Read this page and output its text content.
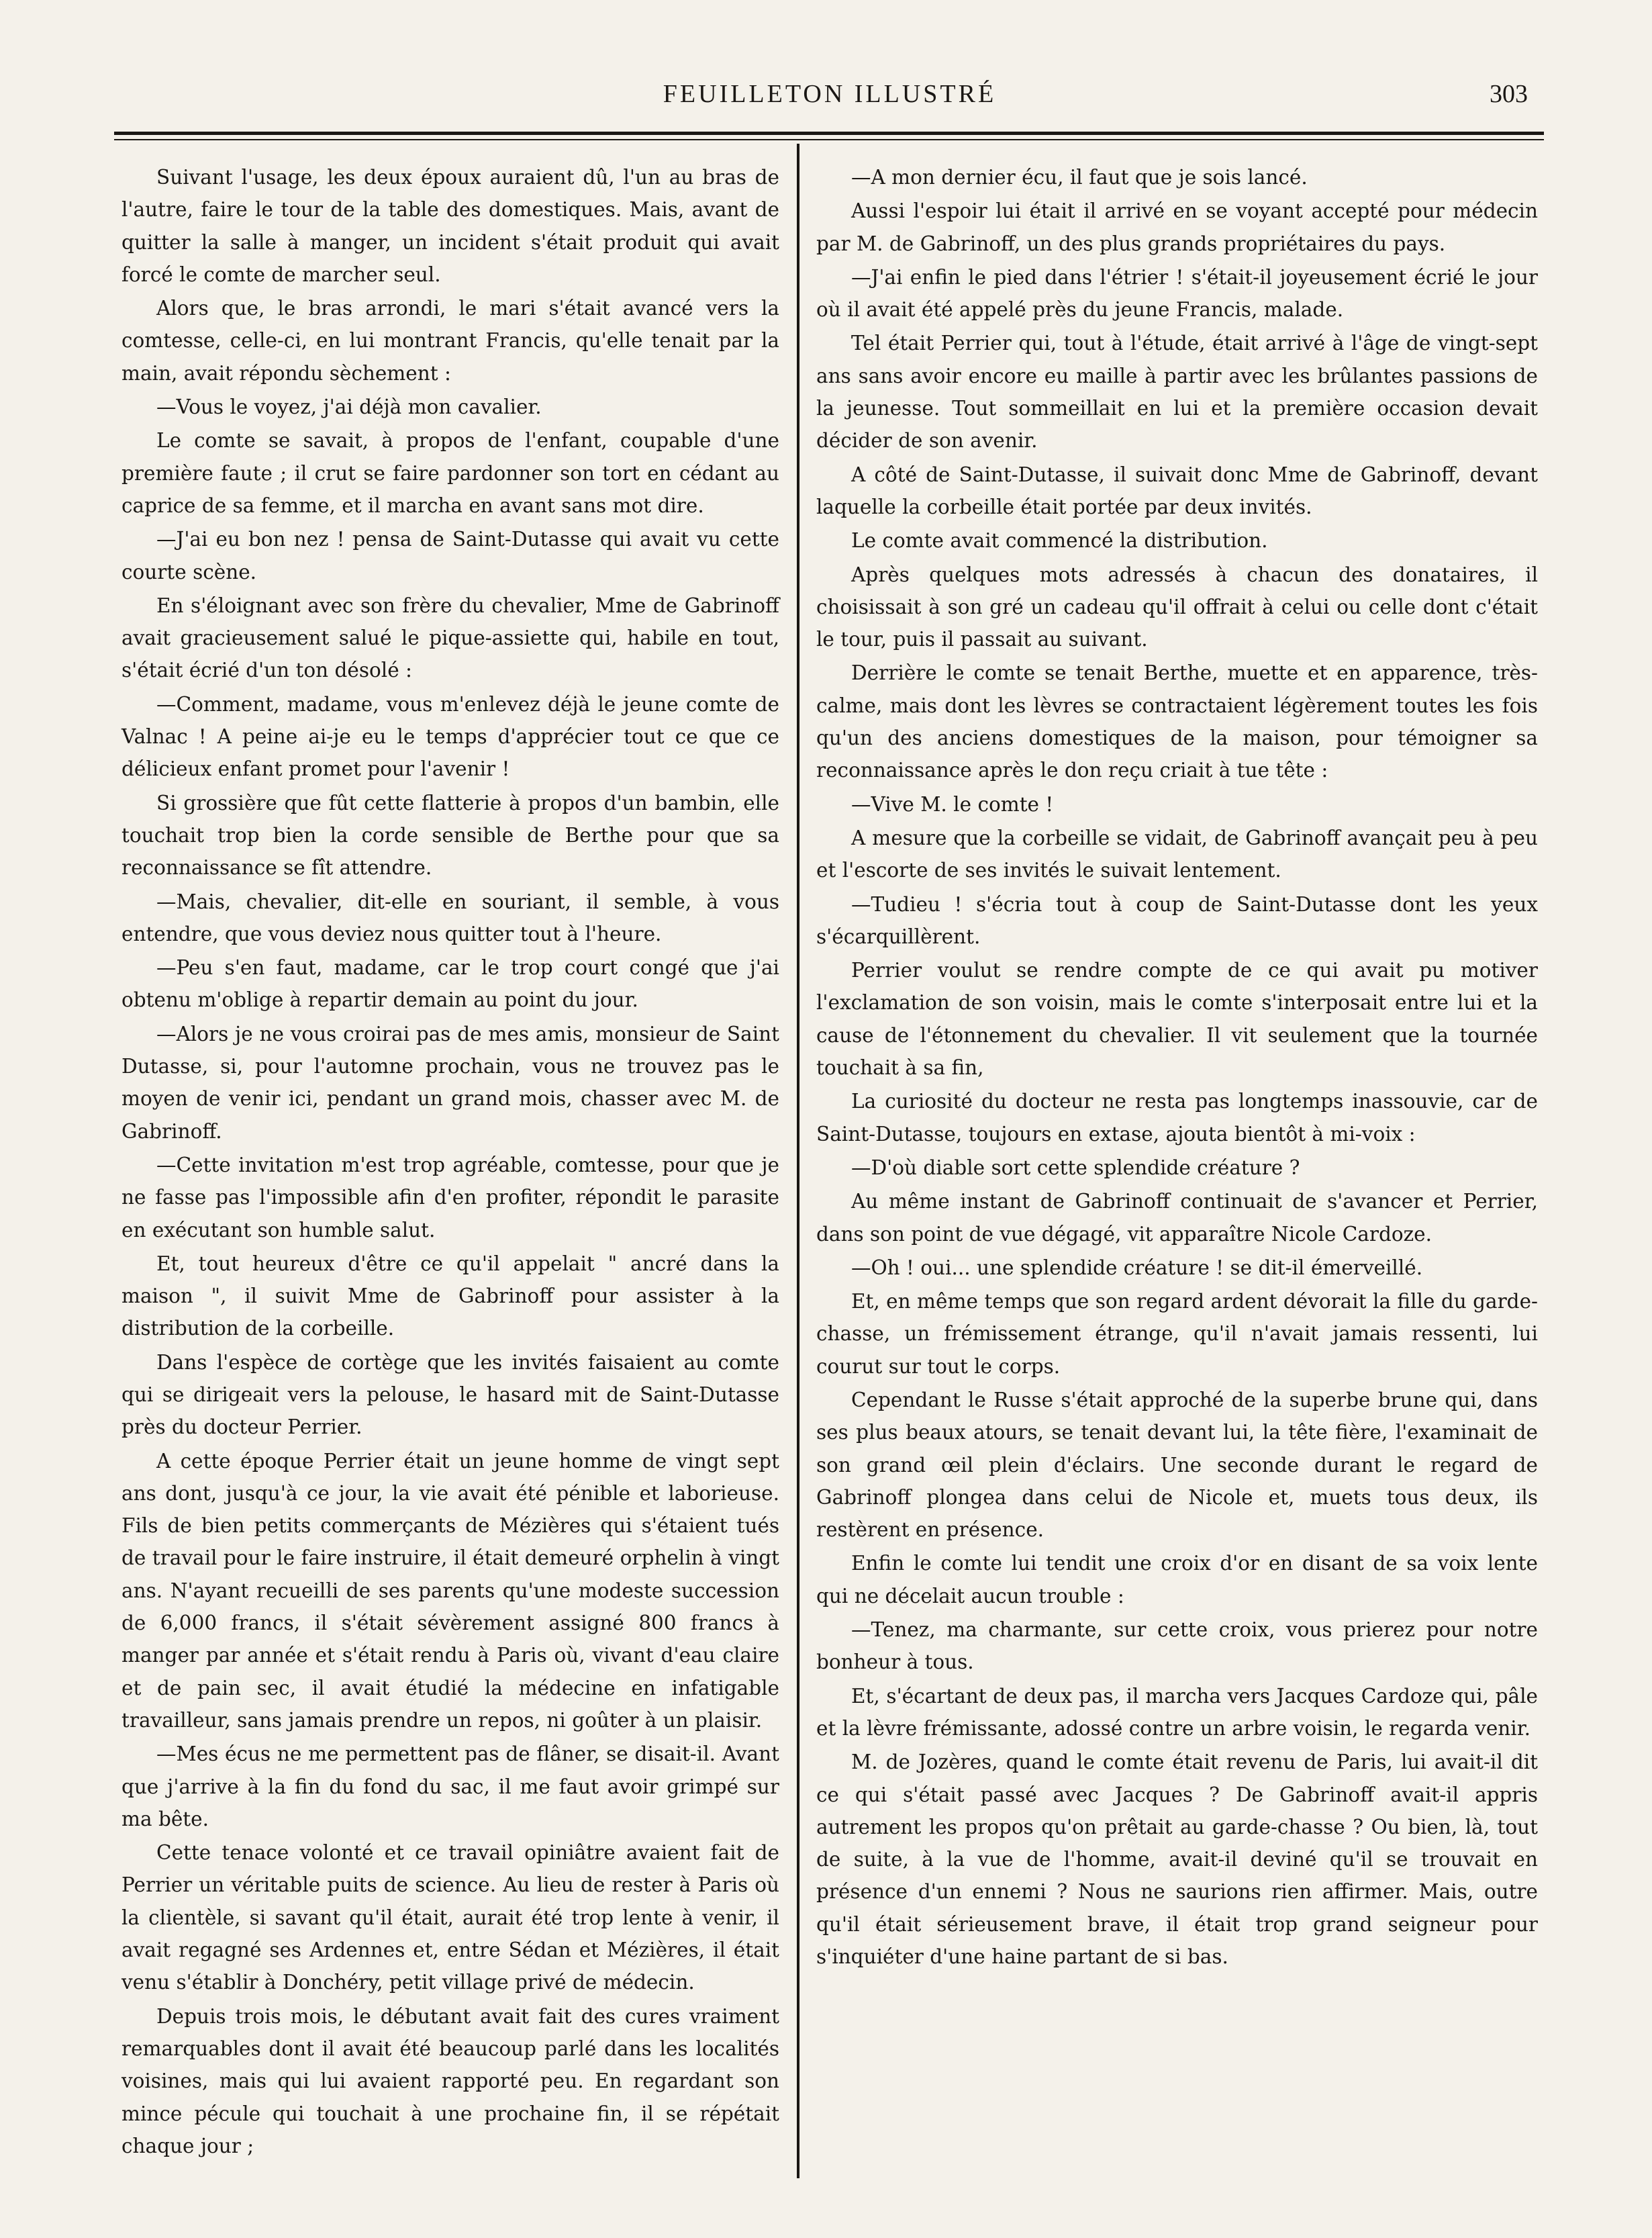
FEUILLETON ILLUSTRÉ	303

Suivant l'usage, les deux époux auraient dû, l'un au bras de l'autre, faire le tour de la table des domestiques. Mais, avant de quitter la salle à manger, un incident s'était produit qui avait forcé le comte de marcher seul.

Alors que, le bras arrondi, le mari s'était avancé vers la comtesse, celle-ci, en lui montrant Francis, qu'elle tenait par la main, avait répondu sèchement :

—Vous le voyez, j'ai déjà mon cavalier.

Le comte se savait, à propos de l'enfant, coupable d'une première faute ; il crut se faire pardonner son tort en cédant au caprice de sa femme, et il marcha en avant sans mot dire.

—J'ai eu bon nez ! pensa de Saint-Dutasse qui avait vu cette courte scène.

En s'éloignant avec son frère du chevalier, Mme de Gabrinoff avait gracieusement salué le pique-assiette qui, habile en tout, s'était écrié d'un ton désolé :

—Comment, madame, vous m'enlevez déjà le jeune comte de Valnac ! A peine ai-je eu le temps d'apprécier tout ce que ce délicieux enfant promet pour l'avenir !

Si grossière que fût cette flatterie à propos d'un bambin, elle touchait trop bien la corde sensible de Berthe pour que sa reconnaissance se fît attendre.

—Mais, chevalier, dit-elle en souriant, il semble, à vous entendre, que vous deviez nous quitter tout à l'heure.

—Peu s'en faut, madame, car le trop court congé que j'ai obtenu m'oblige à repartir demain au point du jour.

—Alors je ne vous croirai pas de mes amis, monsieur de Saint Dutasse, si, pour l'automne prochain, vous ne trouvez pas le moyen de venir ici, pendant un grand mois, chasser avec M. de Gabrinoff.

—Cette invitation m'est trop agréable, comtesse, pour que je ne fasse pas l'impossible afin d'en profiter, répondit le parasite en exécutant son humble salut.

Et, tout heureux d'être ce qu'il appelait " ancré dans la maison ", il suivit Mme de Gabrinoff pour assister à la distribution de la corbeille.

Dans l'espèce de cortège que les invités faisaient au comte qui se dirigeait vers la pelouse, le hasard mit de Saint-Dutasse près du docteur Perrier.

A cette époque Perrier était un jeune homme de vingt sept ans dont, jusqu'à ce jour, la vie avait été pénible et laborieuse. Fils de bien petits commerçants de Mézières qui s'étaient tués de travail pour le faire instruire, il était demeuré orphelin à vingt ans. N'ayant recueilli de ses parents qu'une modeste succession de 6,000 francs, il s'était sévèrement assigné 800 francs à manger par année et s'était rendu à Paris où, vivant d'eau claire et de pain sec, il avait étudié la médecine en infatigable travailleur, sans jamais prendre un repos, ni goûter à un plaisir.

—Mes écus ne me permettent pas de flâner, se disait-il. Avant que j'arrive à la fin du fond du sac, il me faut avoir grimpé sur ma bête.

Cette tenace volonté et ce travail opiniâtre avaient fait de Perrier un véritable puits de science. Au lieu de rester à Paris où la clientèle, si savant qu'il était, aurait été trop lente à venir, il avait regagné ses Ardennes et, entre Sédan et Mézières, il était venu s'établir à Donchéry, petit village privé de médecin.

Depuis trois mois, le débutant avait fait des cures vraiment remarquables dont il avait été beaucoup parlé dans les localités voisines, mais qui lui avaient rapporté peu. En regardant son mince pécule qui touchait à une prochaine fin, il se répétait chaque jour ;

—A mon dernier écu, il faut que je sois lancé.

Aussi l'espoir lui était il arrivé en se voyant accepté pour médecin par M. de Gabrinoff, un des plus grands propriétaires du pays.

—J'ai enfin le pied dans l'étrier ! s'était-il joyeusement écrié le jour où il avait été appelé près du jeune Francis, malade.

Tel était Perrier qui, tout à l'étude, était arrivé à l'âge de vingt-sept ans sans avoir encore eu maille à partir avec les brûlantes passions de la jeunesse. Tout sommeillait en lui et la première occasion devait décider de son avenir.

A côté de Saint-Dutasse, il suivait donc Mme de Gabrinoff, devant laquelle la corbeille était portée par deux invités.

Le comte avait commencé la distribution.

Après quelques mots adressés à chacun des donataires, il choisissait à son gré un cadeau qu'il offrait à celui ou celle dont c'était le tour, puis il passait au suivant.

Derrière le comte se tenait Berthe, muette et en apparence, très-calme, mais dont les lèvres se contractaient légèrement toutes les fois qu'un des anciens domestiques de la maison, pour témoigner sa reconnaissance après le don reçu criait à tue tête :

—Vive M. le comte !

A mesure que la corbeille se vidait, de Gabrinoff avançait peu à peu et l'escorte de ses invités le suivait lentement.

—Tudieu ! s'écria tout à coup de Saint-Dutasse dont les yeux s'écarquillèrent.

Perrier voulut se rendre compte de ce qui avait pu motiver l'exclamation de son voisin, mais le comte s'interposait entre lui et la cause de l'étonnement du chevalier. Il vit seulement que la tournée touchait à sa fin,

La curiosité du docteur ne resta pas longtemps inassouvie, car de Saint-Dutasse, toujours en extase, ajouta bientôt à mi-voix :

—D'où diable sort cette splendide créature ?

Au même instant de Gabrinoff continuait de s'avancer et Perrier, dans son point de vue dégagé, vit apparaître Nicole Cardoze.

—Oh ! oui... une splendide créature ! se dit-il émerveillé.

Et, en même temps que son regard ardent dévorait la fille du garde-chasse, un frémissement étrange, qu'il n'avait jamais ressenti, lui courut sur tout le corps.

Cependant le Russe s'était approché de la superbe brune qui, dans ses plus beaux atours, se tenait devant lui, la tête fière, l'examinait de son grand œil plein d'éclairs. Une seconde durant le regard de Gabrinoff plongea dans celui de Nicole et, muets tous deux, ils restèrent en présence.

Enfin le comte lui tendit une croix d'or en disant de sa voix lente qui ne décelait aucun trouble :

—Tenez, ma charmante, sur cette croix, vous prierez pour notre bonheur à tous.

Et, s'écartant de deux pas, il marcha vers Jacques Cardoze qui, pâle et la lèvre frémissante, adossé contre un arbre voisin, le regarda venir.

M. de Jozères, quand le comte était revenu de Paris, lui avait-il dit ce qui s'était passé avec Jacques ? De Gabrinoff avait-il appris autrement les propos qu'on prêtait au garde-chasse ? Ou bien, là, tout de suite, à la vue de l'homme, avait-il deviné qu'il se trouvait en présence d'un ennemi ? Nous ne saurions rien affirmer. Mais, outre qu'il était sérieusement brave, il était trop grand seigneur pour s'inquiéter d'une haine partant de si bas.
